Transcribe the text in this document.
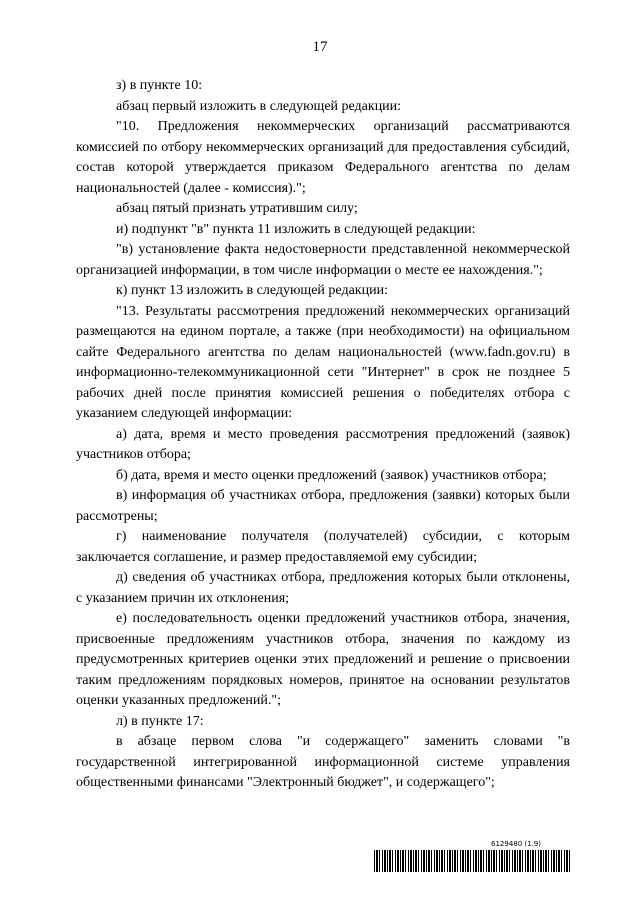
17

з) в пункте 10:

абзац первый изложить в следующей редакции:

"10. Предложения некоммерческих организаций рассматриваются комиссией по отбору некоммерческих организаций для предоставления субсидий, состав которой утверждается приказом Федерального агентства по делам национальностей (далее - комиссия).";

абзац пятый признать утратившим силу;

и) подпункт "в" пункта 11 изложить в следующей редакции:

"в) установление факта недостоверности представленной некоммерческой организацией информации, в том числе информации о месте ее нахождения.";

к) пункт 13 изложить в следующей редакции:

"13. Результаты рассмотрения предложений некоммерческих организаций размещаются на едином портале, а также (при необходимости) на официальном сайте Федерального агентства по делам национальностей (www.fadn.gov.ru) в информационно-телекоммуникационной сети "Интернет" в срок не позднее 5 рабочих дней после принятия комиссией решения о победителях отбора с указанием следующей информации:

а) дата, время и место проведения рассмотрения предложений (заявок) участников отбора;

б) дата, время и место оценки предложений (заявок) участников отбора;

в) информация об участниках отбора, предложения (заявки) которых были рассмотрены;

г) наименование получателя (получателей) субсидии, с которым заключается соглашение, и размер предоставляемой ему субсидии;

д) сведения об участниках отбора, предложения которых были отклонены, с указанием причин их отклонения;

е) последовательность оценки предложений участников отбора, значения, присвоенные предложениям участников отбора, значения по каждому из предусмотренных критериев оценки этих предложений и решение о присвоении таким предложениям порядковых номеров, принятое на основании результатов оценки указанных предложений.";

л) в пункте 17:

в абзаце первом слова "и содержащего" заменить словами "в государственной интегрированной информационной системе управления общественными финансами "Электронный бюджет", и содержащего";

6129480 (1.9)
